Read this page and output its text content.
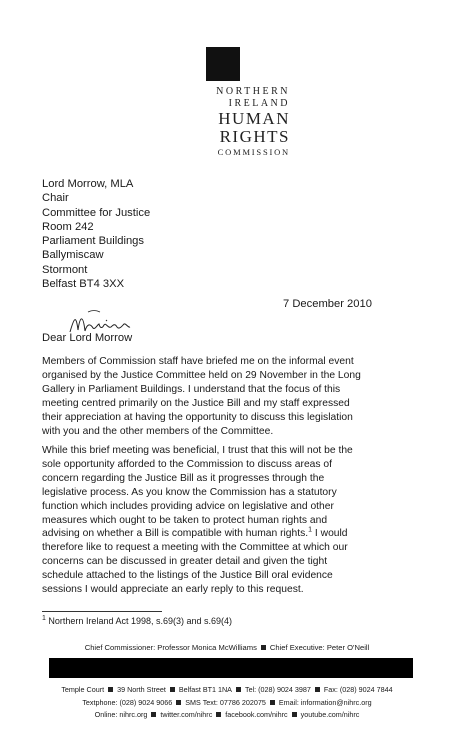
NORTHERN
IRELAND
HUMAN
RIGHTS
COMMISSION
Lord Morrow, MLA
Chair
Committee for Justice
Room 242
Parliament Buildings
Ballymiscaw
Stormont
Belfast BT4 3XX
7 December 2010
Dear Lord Morrow
Members of Commission staff have briefed me on the informal event
organised by the Justice Committee held on 29 November in the Long
Gallery in Parliament Buildings. I understand that the focus of this
meeting centred primarily on the Justice Bill and my staff expressed
their appreciation at having the opportunity to discuss this legislation
with you and the other members of the Committee.
While this brief meeting was beneficial, I trust that this will not be the
sole opportunity afforded to the Commission to discuss areas of
concern regarding the Justice Bill as it progresses through the
legislative process. As you know the Commission has a statutory
function which includes providing advice on legislative and other
measures which ought to be taken to protect human rights and
advising on whether a Bill is compatible with human rights.$^1$ I would
therefore like to request a meeting with the Committee at which our
concerns can be discussed in greater detail and given the tight
schedule attached to the listings of the Justice Bill oral evidence
sessions I would appreciate an early reply to this request.
$^1$ Northern Ireland Act 1998, s.69(3) and s.69(4)
Chief Commissioner: Professor Monica McWilliams Chief Executive: Peter O'Neill
Temple Court 39 North Street Belfast BT1 1NA Tel: (028) 9024 3987 Fax: (028) 9024 7844
Textphone: (028) 9024 9066 SMS Text: 07786 202075 Email: information@nihrc.org
Online: nihrc.org twitter.com/nihrc facebook.com/nihrc youtube.com/nihrc
